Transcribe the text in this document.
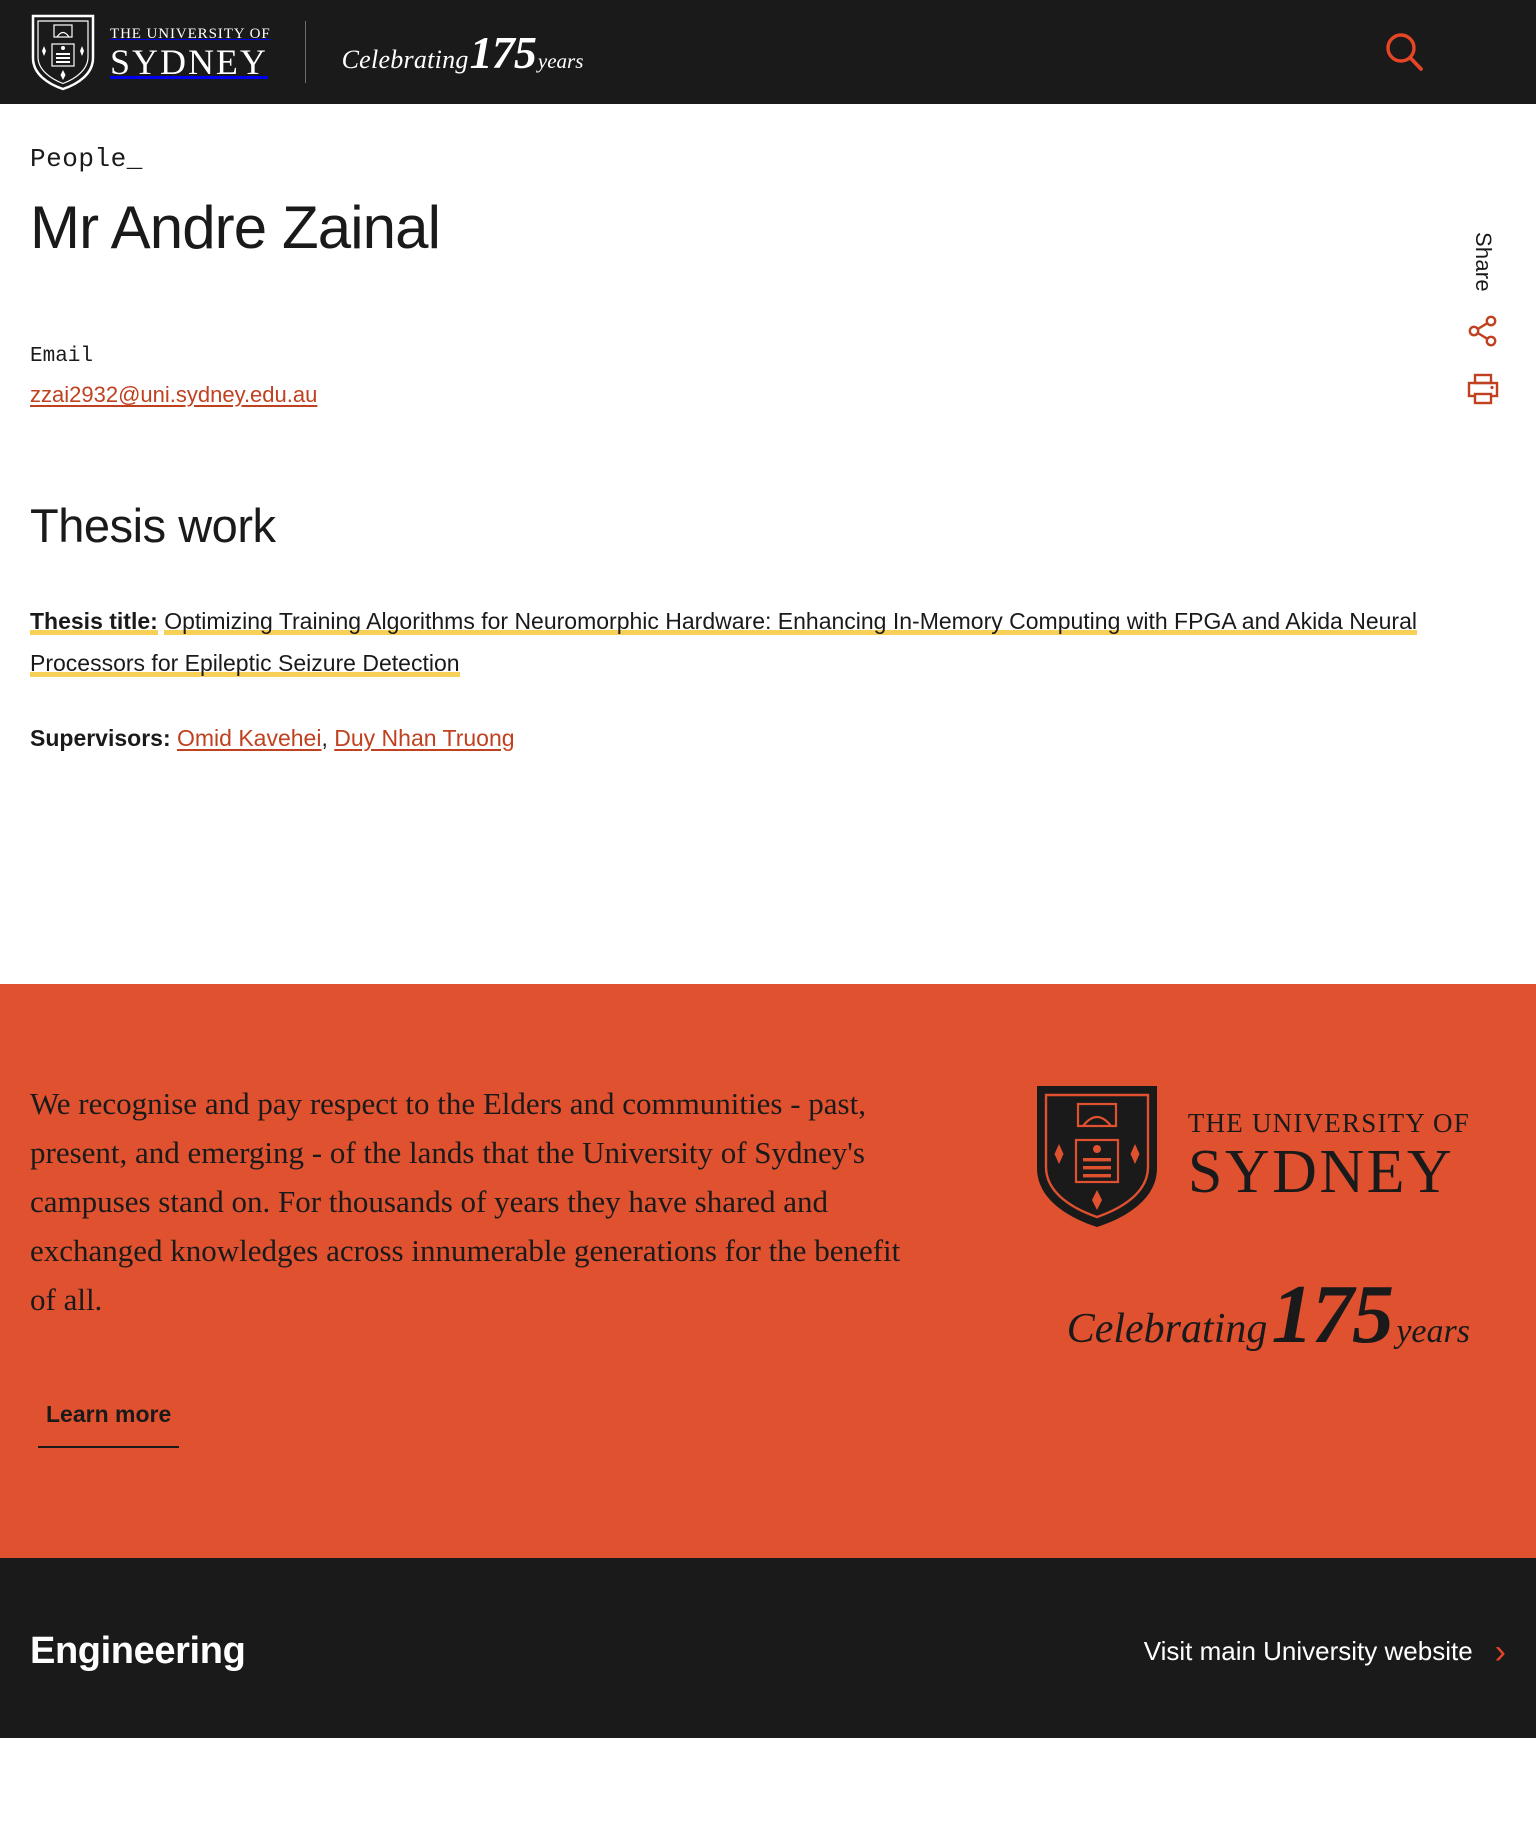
THE UNIVERSITY OF
SYDNEY	Celebrating 175 years
Share
People_
Mr Andre Zainal
Email
zzai2932@uni.sydney.edu.au
Thesis work

Thesis title: Optimizing Training Algorithms for Neuromorphic Hardware: Enhancing In-Memory Computing with FPGA and Akida Neural Processors for Epileptic Seizure Detection

Supervisors: Omid Kavehei, Duy Nhan Truong

We recognise and pay respect to the Elders and communities - past, present, and emerging - of the lands that the University of Sydney's campuses stand on. For thousands of years they have shared and exchanged knowledges across innumerable generations for the benefit of all.

Learn more
THE UNIVERSITY OF
SYDNEY
Celebrating 175 years
Engineering	Visit main University website ›
